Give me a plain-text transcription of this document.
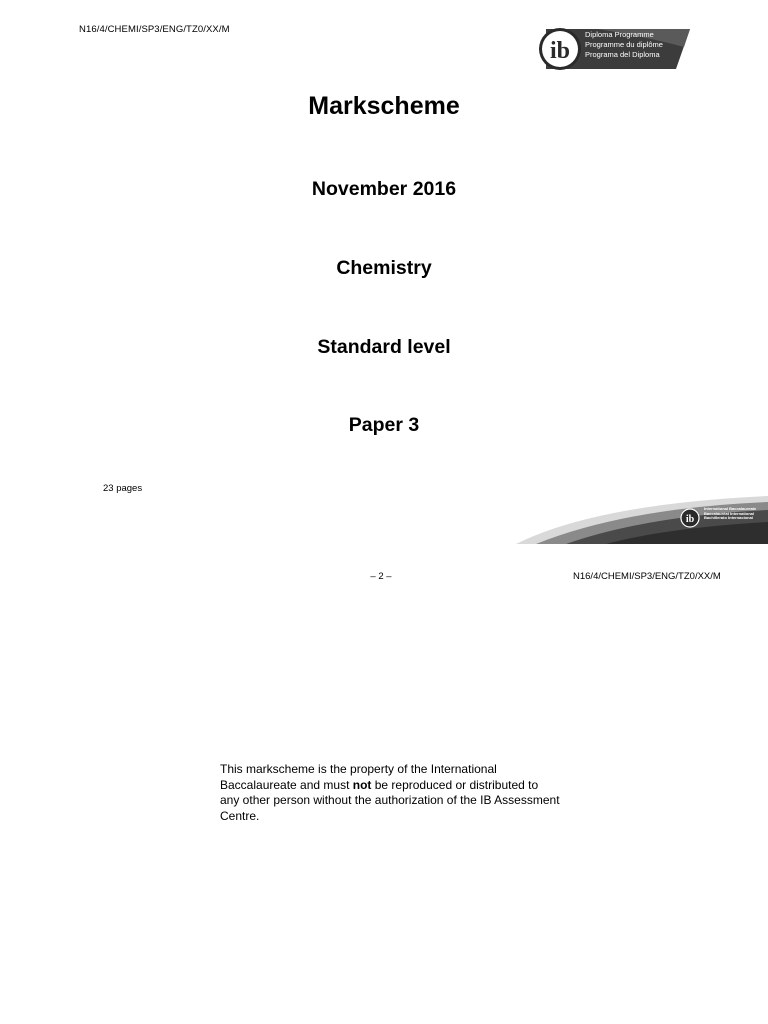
N16/4/CHEMI/SP3/ENG/TZ0/XX/M
ib
Diploma Programme
Programme du diplôme
Programa del Diploma
Markscheme
November 2016
Chemistry
Standard level
Paper 3
23 pages
ib
International Baccalaureate
Baccalauréat International
Bachillerato Internacional
– 2 –	N16/4/CHEMI/SP3/ENG/TZ0/XX/M
This markscheme is the property of the International Baccalaureate and must not be reproduced or distributed to any other person without the authorization of the IB Assessment Centre.
